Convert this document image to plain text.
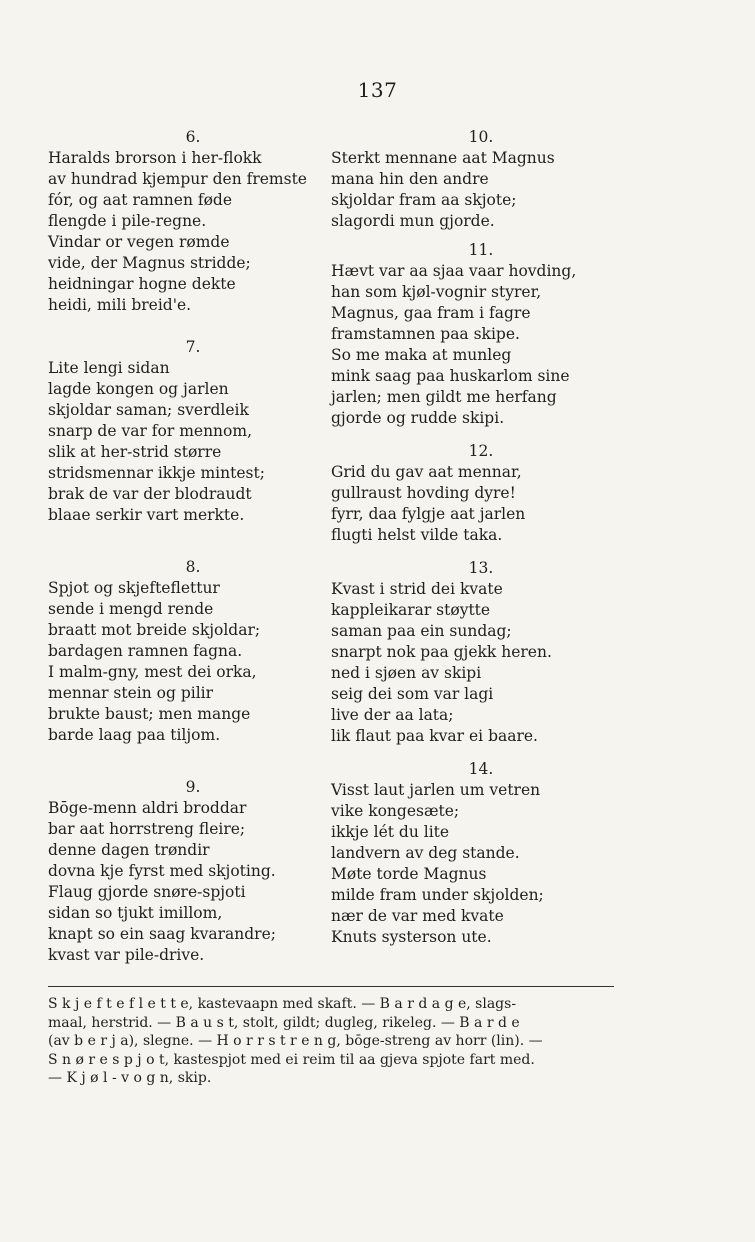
137
6.
Haralds brorson i her-flokk
av hundrad kjempur den fremste
fór, og aat ramnen føde
flengde i pile-regne.
Vindar or vegen rømde
vide, der Magnus stridde;
heidningar hogne dekte
heidi, mili breid'e.
7.
Lite lengi sidan
lagde kongen og jarlen
skjoldar saman; sverdleik
snarp de var for mennom,
slik at her-strid større
stridsmennar ikkje mintest;
brak de var der blodraudt
blaae serkir vart merkte.
8.
Spjot og skjefteflettur
sende i mengd rende
braatt mot breide skjoldar;
bardagen ramnen fagna.
I malm-gny, mest dei orka,
mennar stein og pilir
brukte baust; men mange
barde laag paa tiljom.
9.
Bōge-menn aldri broddar
bar aat horrstreng fleire;
denne dagen trøndir
dovna kje fyrst med skjoting.
Flaug gjorde snøre-spjoti
sidan so tjukt imillom,
knapt so ein saag kvarandre;
kvast var pile-drive.
10.
Sterkt mennane aat Magnus
mana hin den andre
skjoldar fram aa skjote;
slagordi mun gjorde.
11.
Hævt var aa sjaa vaar hovding,
han som kjøl-vognir styrer,
Magnus, gaa fram i fagre
framstamnen paa skipe.
So me maka at munleg
mink saag paa huskarlom sine
jarlen; men gildt me herfang
gjorde og rudde skipi.
12.
Grid du gav aat mennar,
gullraust hovding dyre!
fyrr, daa fylgje aat jarlen
flugti helst vilde taka.
13.
Kvast i strid dei kvate
kappleikarar støytte
saman paa ein sundag;
snarpt nok paa gjekk heren.
ned i sjøen av skipi
seig dei som var lagi
live der aa lata;
lik flaut paa kvar ei baare.
14.
Visst laut jarlen um vetren
vike kongesæte;
ikkje lét du lite
landvern av deg stande.
Møte torde Magnus
milde fram under skjolden;
nær de var med kvate
Knuts systerson ute.
S k j e f t e f l e t t e, kastevaapn med skaft. — B a r d a g e, slags-
maal, herstrid. — B a u s t, stolt, gildt; dugleg, rikeleg. — B a r d e
(av b e r j a), slegne. — H o r r s t r e n g, bōge-streng av horr (lin). —
S n ø r e s p j o t, kastespjot med ei reim til aa gjeva spjote fart med.
— K j ø l - v o g n, skip.
